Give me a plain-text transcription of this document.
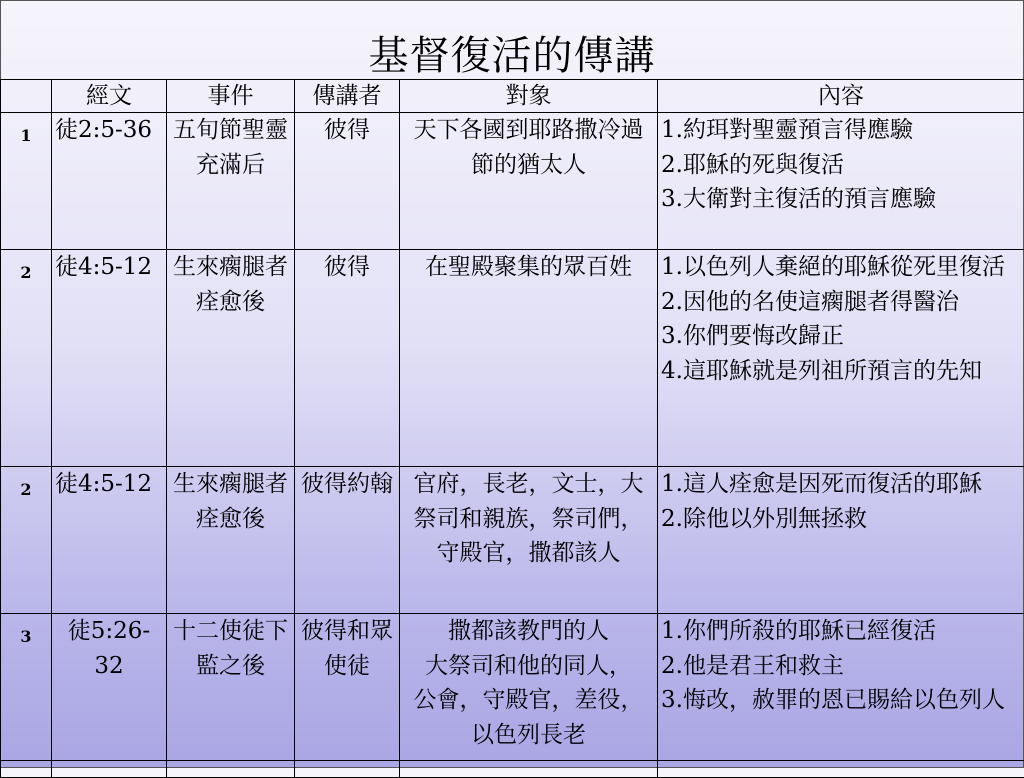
基督復活的傳講
	經文	事件	傳講者	對象	內容
1	徒2:5-36	五旬節聖靈充滿后	彼得	天下各國到耶路撒冷過節的猶太人	1.約珥對聖靈預言得應驗
2.耶穌的死與復活
3.大衛對主復活的預言應驗

2	徒4:5-12	生來瘸腿者痊愈後	彼得	在聖殿聚集的眾百姓	1.以色列人棄絕的耶穌從死里復活
2.因他的名使這瘸腿者得醫治
3.你們要悔改歸正
4.這耶穌就是列祖所預言的先知

2	徒4:5-12	生來瘸腿者痊愈後	彼得約翰	官府，長老，文士，大祭司和親族，祭司們，守殿官，撒都該人	1.這人痊愈是因死而復活的耶穌
2.除他以外別無拯救

3	徒5:26-32	十二使徒下監之後	彼得和眾使徒	撒都該教門的人
大祭司和他的同人，
公會，守殿官，差役，
以色列長老	1.你們所殺的耶穌已經復活
2.他是君王和救主
3.悔改，赦罪的恩已賜給以色列人
